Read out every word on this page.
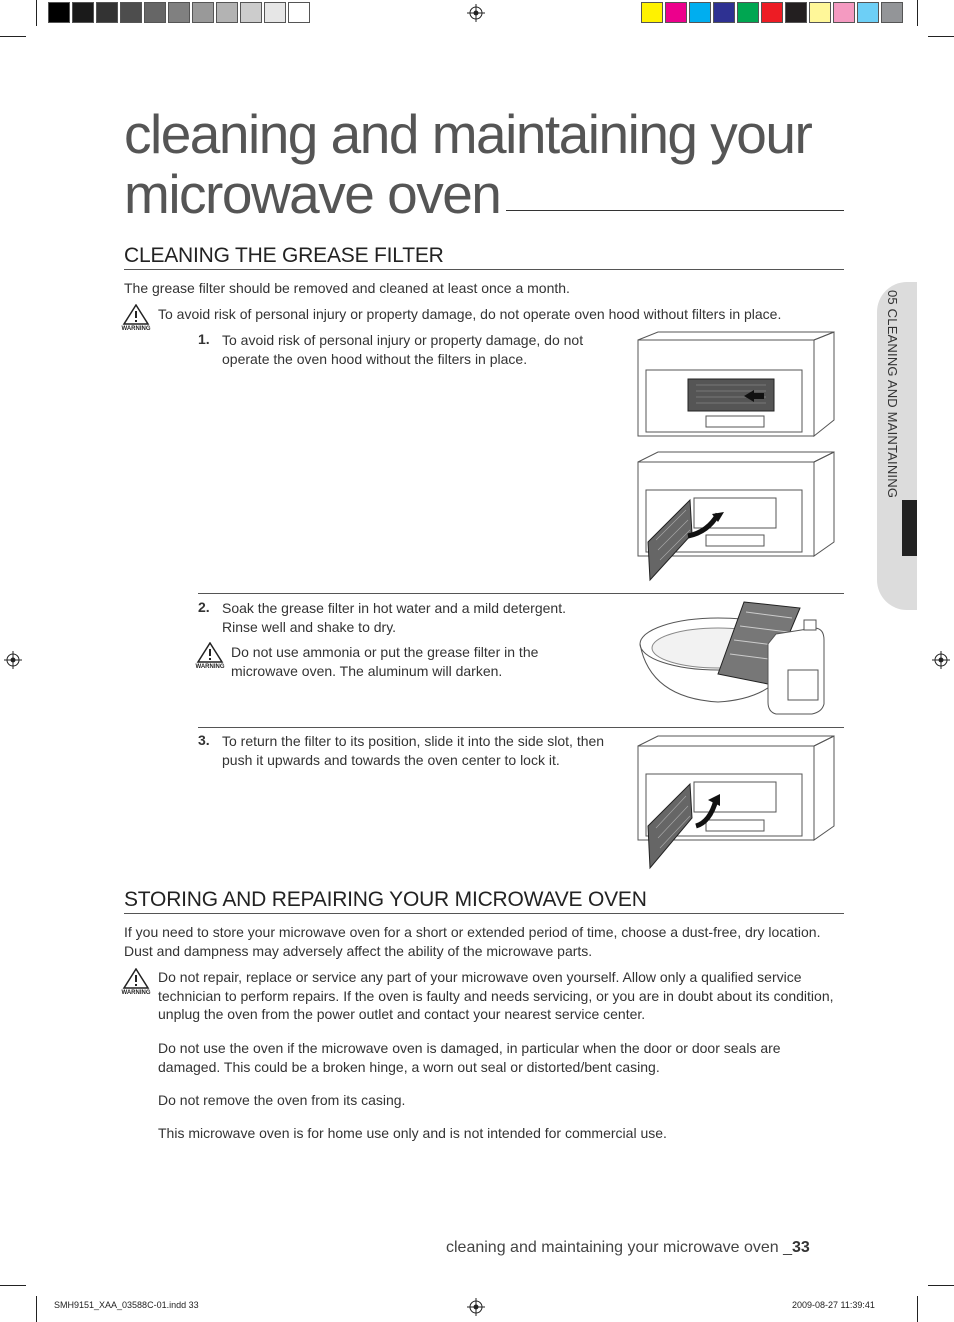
cleaning and maintaining your microwave oven
05 CLEANING AND MAINTAINING
CLEANING THE GREASE FILTER

The grease filter should be removed and cleaned at least once a month.

WARNING

To avoid risk of personal injury or property damage, do not operate oven hood without filters in place.

1. To avoid risk of personal injury or property damage, do not operate the oven hood without the filters in place.

2. Soak the grease filter in hot water and a mild detergent. Rinse well and shake to dry.

WARNING

Do not use ammonia or put the grease filter in the microwave oven. The aluminum will darken.

3. To return the filter to its position, slide it into the side slot, then push it upwards and towards the oven center to lock it.

STORING AND REPAIRING YOUR MICROWAVE OVEN

If you need to store your microwave oven for a short or extended period of time, choose a dust-free, dry location. Dust and dampness may adversely affect the ability of the microwave parts.

WARNING

Do not repair, replace or service any part of your microwave oven yourself. Allow only a qualified service technician to perform repairs. If the oven is faulty and needs servicing, or you are in doubt about its condition, unplug the oven from the power outlet and contact your nearest service center.

Do not use the oven if the microwave oven is damaged, in particular when the door or door seals are damaged. This could be a broken hinge, a worn out seal or distorted/bent casing.

Do not remove the oven from its casing.

This microwave oven is for home use only and is not intended for commercial use.

cleaning and maintaining your microwave oven _33
SMH9151_XAA_03588C-01.indd 33	2009-08-27 11:39:41
